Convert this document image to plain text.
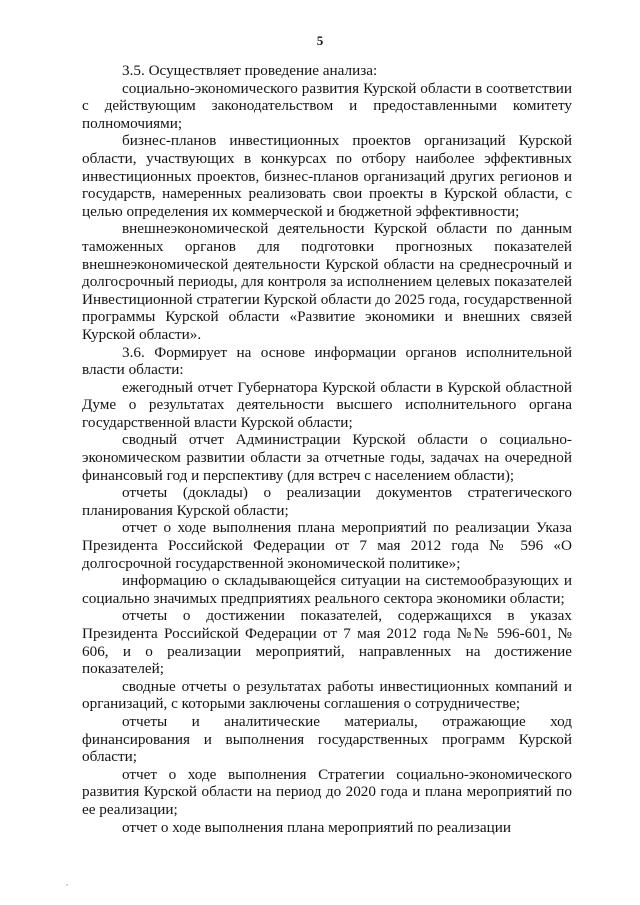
5

3.5. Осуществляет проведение анализа:

социально-экономического развития Курской области в соответствии с действующим законодательством и предоставленными комитету полномочиями;

бизнес-планов инвестиционных проектов организаций Курской области, участвующих в конкурсах по отбору наиболее эффективных инвестиционных проектов, бизнес-планов организаций других регионов и государств, намеренных реализовать свои проекты в Курской области, с целью определения их коммерческой и бюджетной эффективности;

внешнеэкономической деятельности Курской области по данным таможенных органов для подготовки прогнозных показателей внешнеэкономической деятельности Курской области на среднесрочный и долгосрочный периоды, для контроля за исполнением целевых показателей Инвестиционной стратегии Курской области до 2025 года, государственной программы Курской области «Развитие экономики и внешних связей Курской области».

3.6. Формирует на основе информации органов исполнительной власти области:

ежегодный отчет Губернатора Курской области в Курской областной Думе о результатах деятельности высшего исполнительного органа государственной власти Курской области;

сводный отчет Администрации Курской области о социально-экономическом развитии области за отчетные годы, задачах на очередной финансовый год и перспективу (для встреч с населением области);

отчеты (доклады) о реализации документов стратегического планирования Курской области;

отчет о ходе выполнения плана мероприятий по реализации Указа Президента Российской Федерации от 7 мая 2012 года № 596 «О долгосрочной государственной экономической политике»;

информацию о складывающейся ситуации на системообразующих и социально значимых предприятиях реального сектора экономики области;

отчеты о достижении показателей, содержащихся в указах Президента Российской Федерации от 7 мая 2012 года №№ 596-601, № 606, и о реализации мероприятий, направленных на достижение показателей;

сводные отчеты о результатах работы инвестиционных компаний и организаций, с которыми заключены соглашения о сотрудничестве;

отчеты и аналитические материалы, отражающие ход финансирования и выполнения государственных программ Курской области;

отчет о ходе выполнения Стратегии социально-экономического развития Курской области на период до 2020 года и плана мероприятий по ее реализации;

отчет о ходе выполнения плана мероприятий по реализации
